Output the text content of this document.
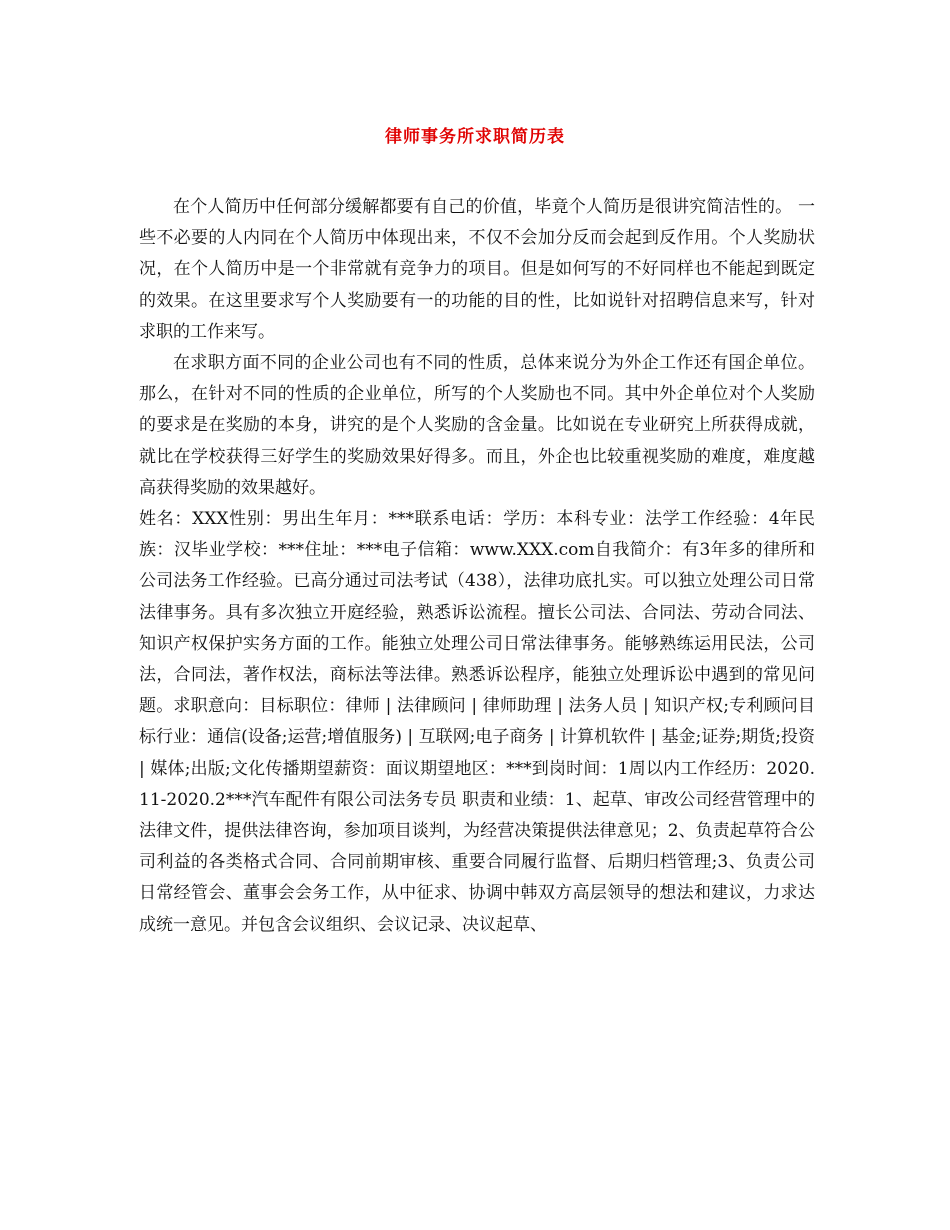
律师事务所求职简历表

在个人简历中任何部分缓解都要有自己的价值，毕竟个人简历是很讲究简洁性的。 一些不必要的人内同在个人简历中体现出来，不仅不会加分反而会起到反作用。个人奖励状况，在个人简历中是一个非常就有竞争力的项目。但是如何写的不好同样也不能起到既定的效果。在这里要求写个人奖励要有一的功能的目的性，比如说针对招聘信息来写，针对求职的工作来写。

在求职方面不同的企业公司也有不同的性质，总体来说分为外企工作还有国企单位。那么，在针对不同的性质的企业单位，所写的个人奖励也不同。其中外企单位对个人奖励的要求是在奖励的本身，讲究的是个人奖励的含金量。比如说在专业研究上所获得成就，就比在学校获得三好学生的奖励效果好得多。而且，外企也比较重视奖励的难度，难度越高获得奖励的效果越好。

姓名：XXX性别：男出生年月：***联系电话：学历：本科专业：法学工作经验：4年民族：汉毕业学校：***住址：***电子信箱：www.XXX.com自我简介：有3年多的律所和公司法务工作经验。已高分通过司法考试（438），法律功底扎实。可以独立处理公司日常法律事务。具有多次独立开庭经验，熟悉诉讼流程。擅长公司法、合同法、劳动合同法、知识产权保护实务方面的工作。能独立处理公司日常法律事务。能够熟练运用民法，公司法，合同法，著作权法，商标法等法律。熟悉诉讼程序，能独立处理诉讼中遇到的常见问题。求职意向：目标职位：律师 | 法律顾问 | 律师助理 | 法务人员 | 知识产权;专利顾问目标行业：通信(设备;运营;增值服务) | 互联网;电子商务 | 计算机软件 | 基金;证券;期货;投资 | 媒体;出版;文化传播期望薪资：面议期望地区：***到岗时间：1周以内工作经历：2020.11-2020.2***汽车配件有限公司法务专员 职责和业绩：1、起草、审改公司经营管理中的法律文件，提供法律咨询，参加项目谈判，为经营决策提供法律意见；2、负责起草符合公司利益的各类格式合同、合同前期审核、重要合同履行监督、后期归档管理;3、负责公司日常经管会、董事会会务工作，从中征求、协调中韩双方高层领导的想法和建议，力求达成统一意见。并包含会议组织、会议记录、决议起草、
